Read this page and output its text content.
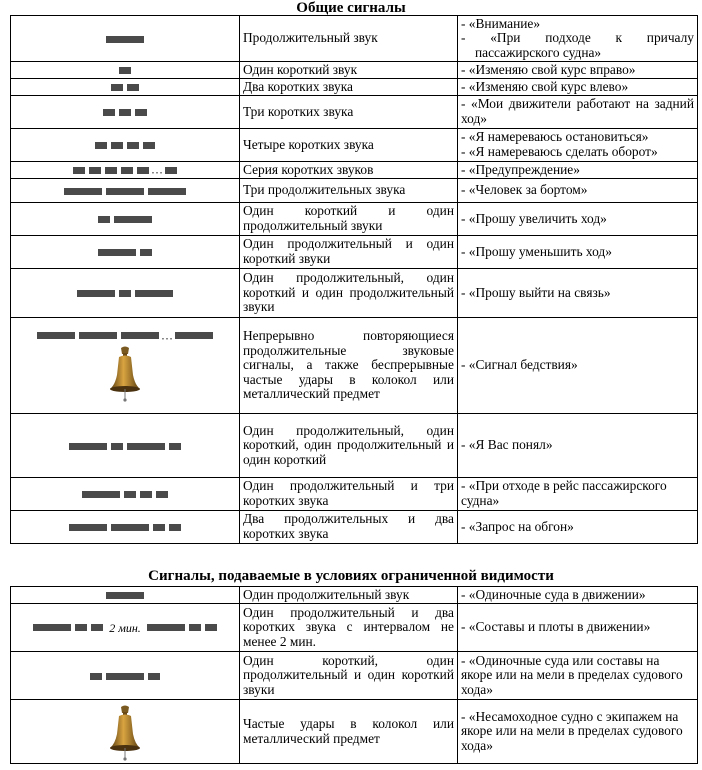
Общие сигналы
	Продолжительный звук	- «Внимание»
- «При подходе к причалу пассажирского судна»

	Один короткий звук	- «Изменяю свой курс вправо»
	Два коротких звука	- «Изменяю свой курс влево»
	Три коротких звука	- «Мои движители работают на задний ход»
	Четыре коротких звука	- «Я намереваюсь остановиться»
- «Я намереваюсь сделать оборот»

…	Серия коротких звуков	- «Предупреждение»
	Три продолжительных звука	- «Человек за бортом»
	Один короткий и один продолжительный звуки	- «Прошу увеличить ход»
	Один продолжительный и один короткий звуки	- «Прошу уменьшить ход»
	Один продолжительный, один короткий и один продолжительный звуки	- «Прошу выйти на связь»

…	Непрерывно повторяющиеся продолжительные звуковые сигналы, а также беспрерывные частые удары в колокол или металлический предмет	- «Сигнал бедствия»
	Один продолжительный, один короткий, один продолжительный и один короткий	- «Я Вас понял»
	Один продолжительный и три коротких звука	- «При отходе в рейс пассажирского судна»
	Два продолжительных и два коротких звука	- «Запрос на обгон»
Сигналы, подаваемые в условиях ограниченной видимости
	Один продолжительный звук	- «Одиночные суда в движении»
2 мин.	Один продолжительный и два коротких звука с интервалом не менее 2 мин.	- «Составы и плоты в движении»
	Один короткий, один продолжительный и один короткий звуки	- «Одиночные суда или составы на якоре или на мели в пределах судового хода»

	Частые удары в колокол или металлический предмет	- «Несамоходное судно с экипажем на якоре или на мели в пределах судового хода»
